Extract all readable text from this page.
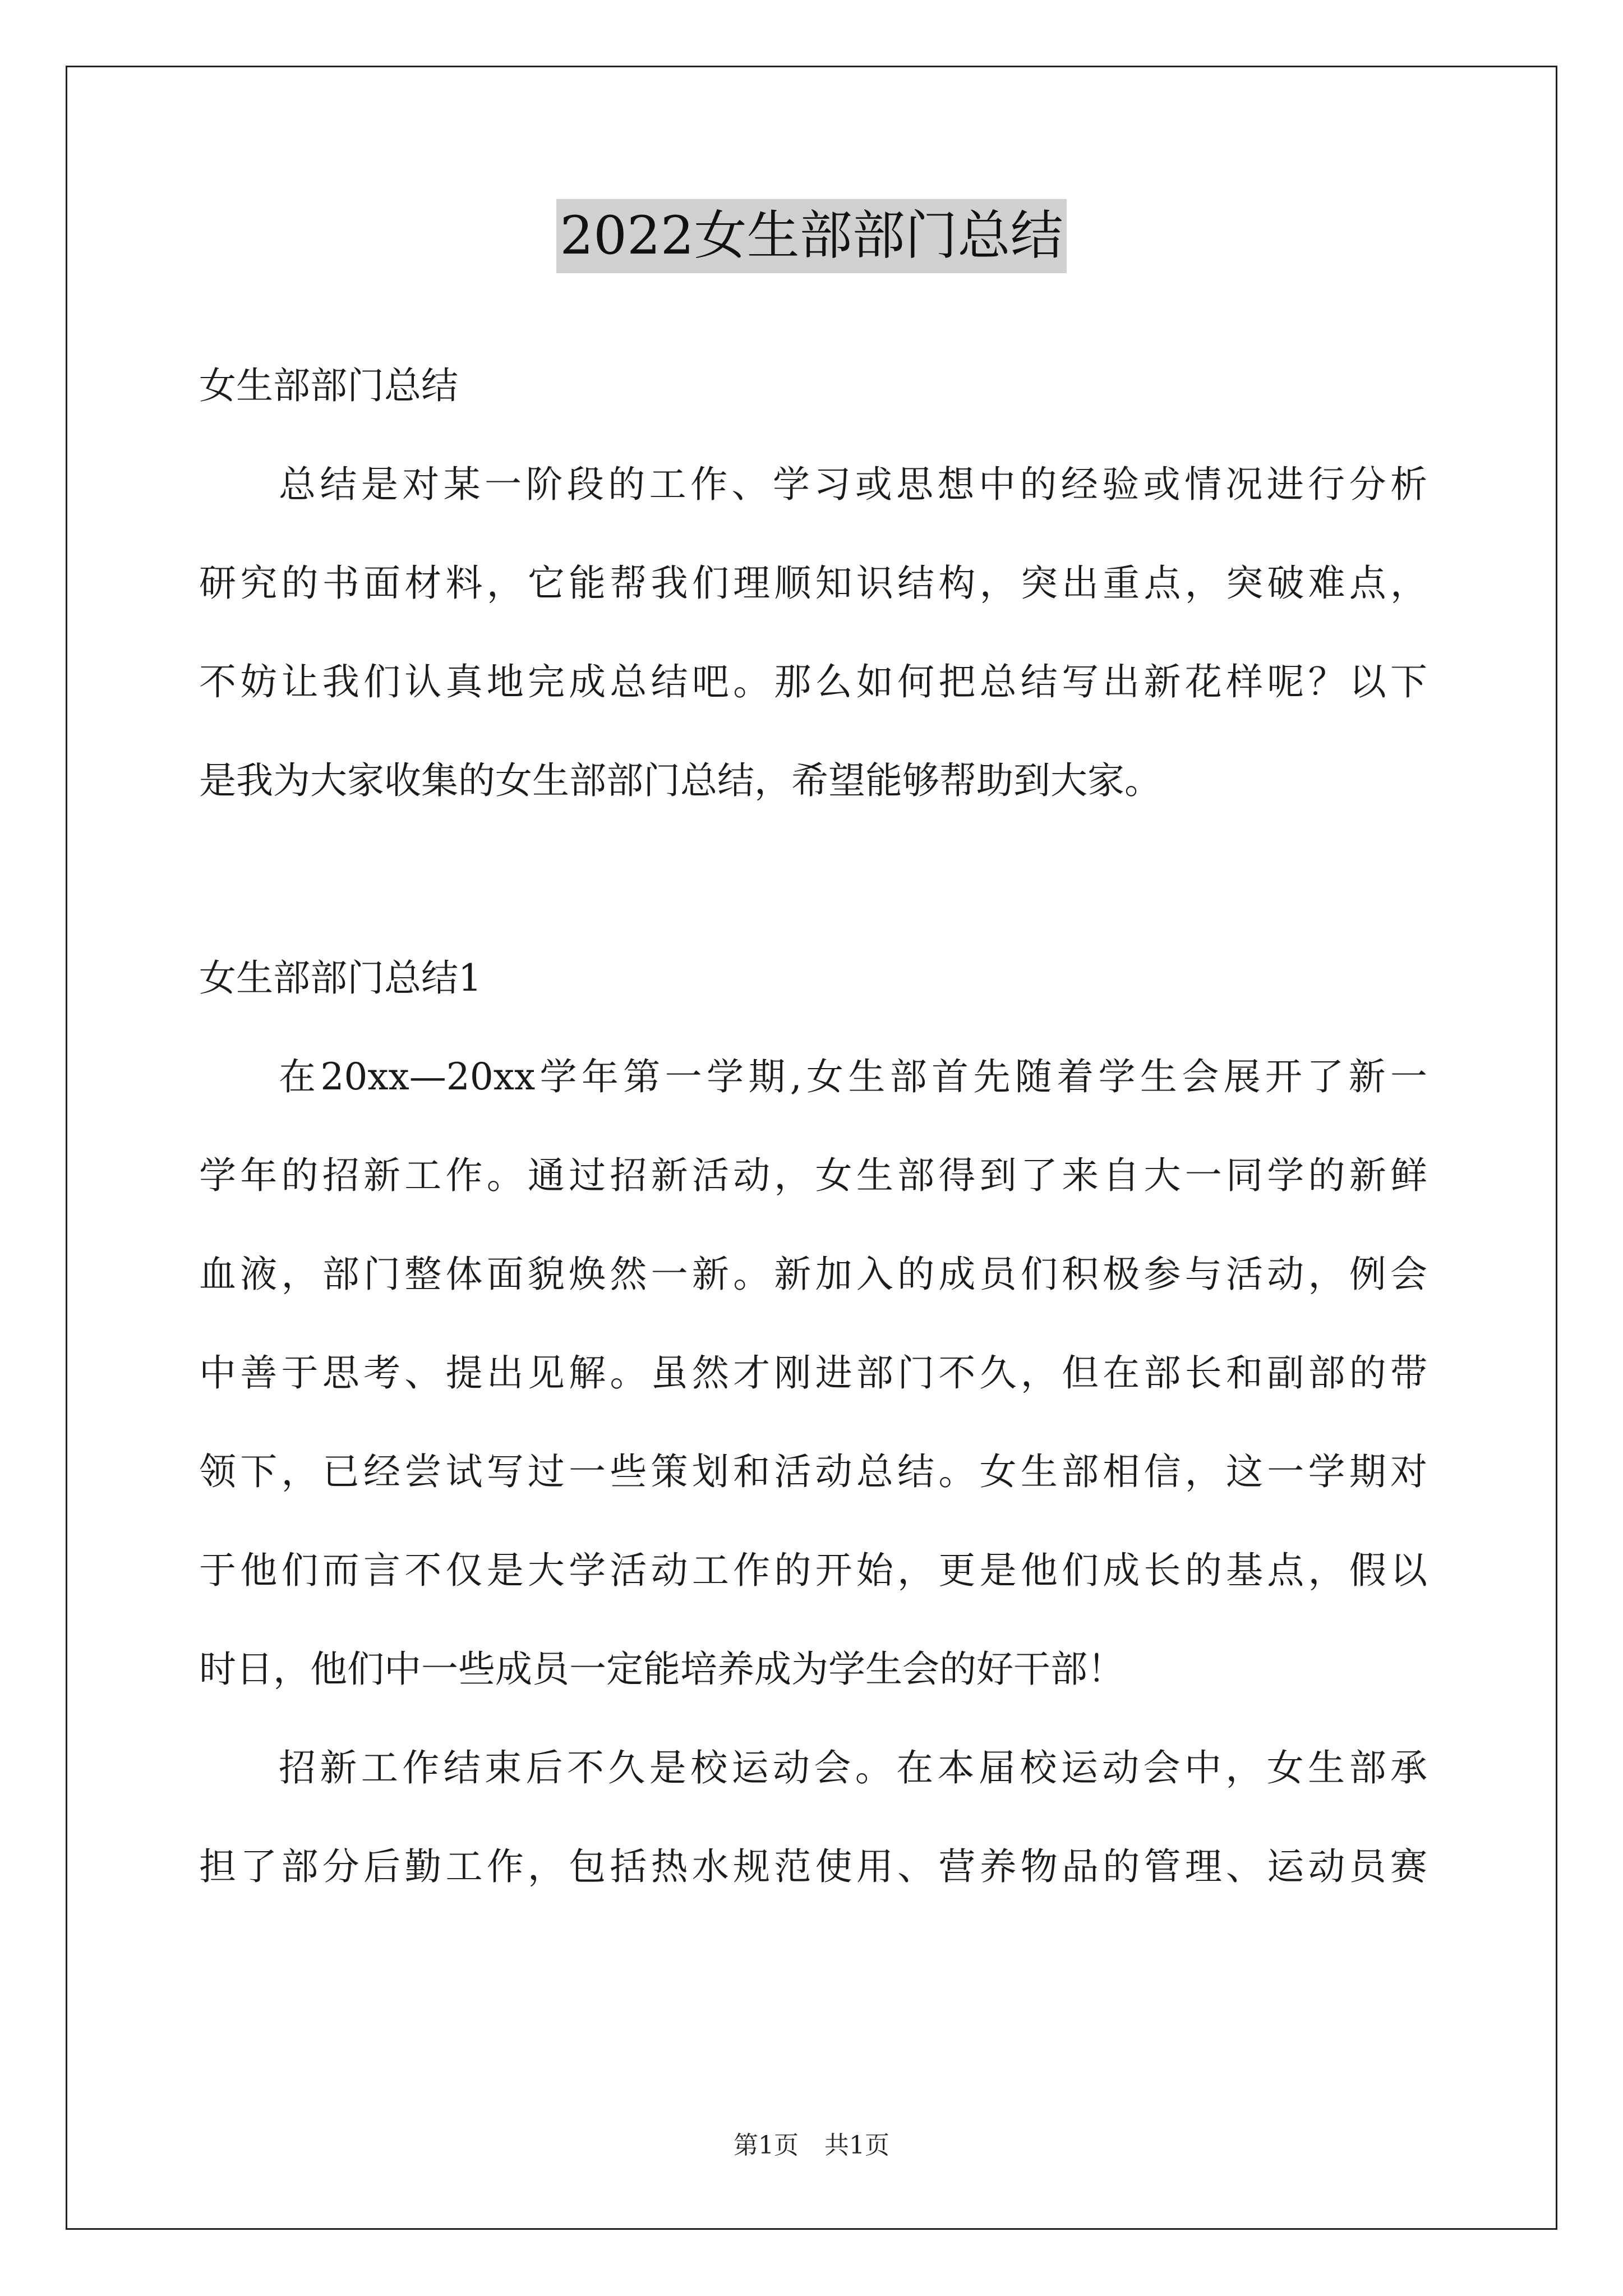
2022女生部部门总结
女生部部门总结
总结是对某一阶段的工作、学习或思想中的经验或情况进行分析
研究的书面材料，它能帮我们理顺知识结构，突出重点，突破难点，
不妨让我们认真地完成总结吧。那么如何把总结写出新花样呢？以下
是我为大家收集的女生部部门总结，希望能够帮助到大家。
女生部部门总结1
在20xx—20xx学年第一学期,女生部首先随着学生会展开了新一
学年的招新工作。通过招新活动，女生部得到了来自大一同学的新鲜
血液，部门整体面貌焕然一新。新加入的成员们积极参与活动，例会
中善于思考、提出见解。虽然才刚进部门不久，但在部长和副部的带
领下，已经尝试写过一些策划和活动总结。女生部相信，这一学期对
于他们而言不仅是大学活动工作的开始，更是他们成长的基点，假以
时日，他们中一些成员一定能培养成为学生会的好干部！
招新工作结束后不久是校运动会。在本届校运动会中，女生部承
担了部分后勤工作，包括热水规范使用、营养物品的管理、运动员赛
第1页 共1页
